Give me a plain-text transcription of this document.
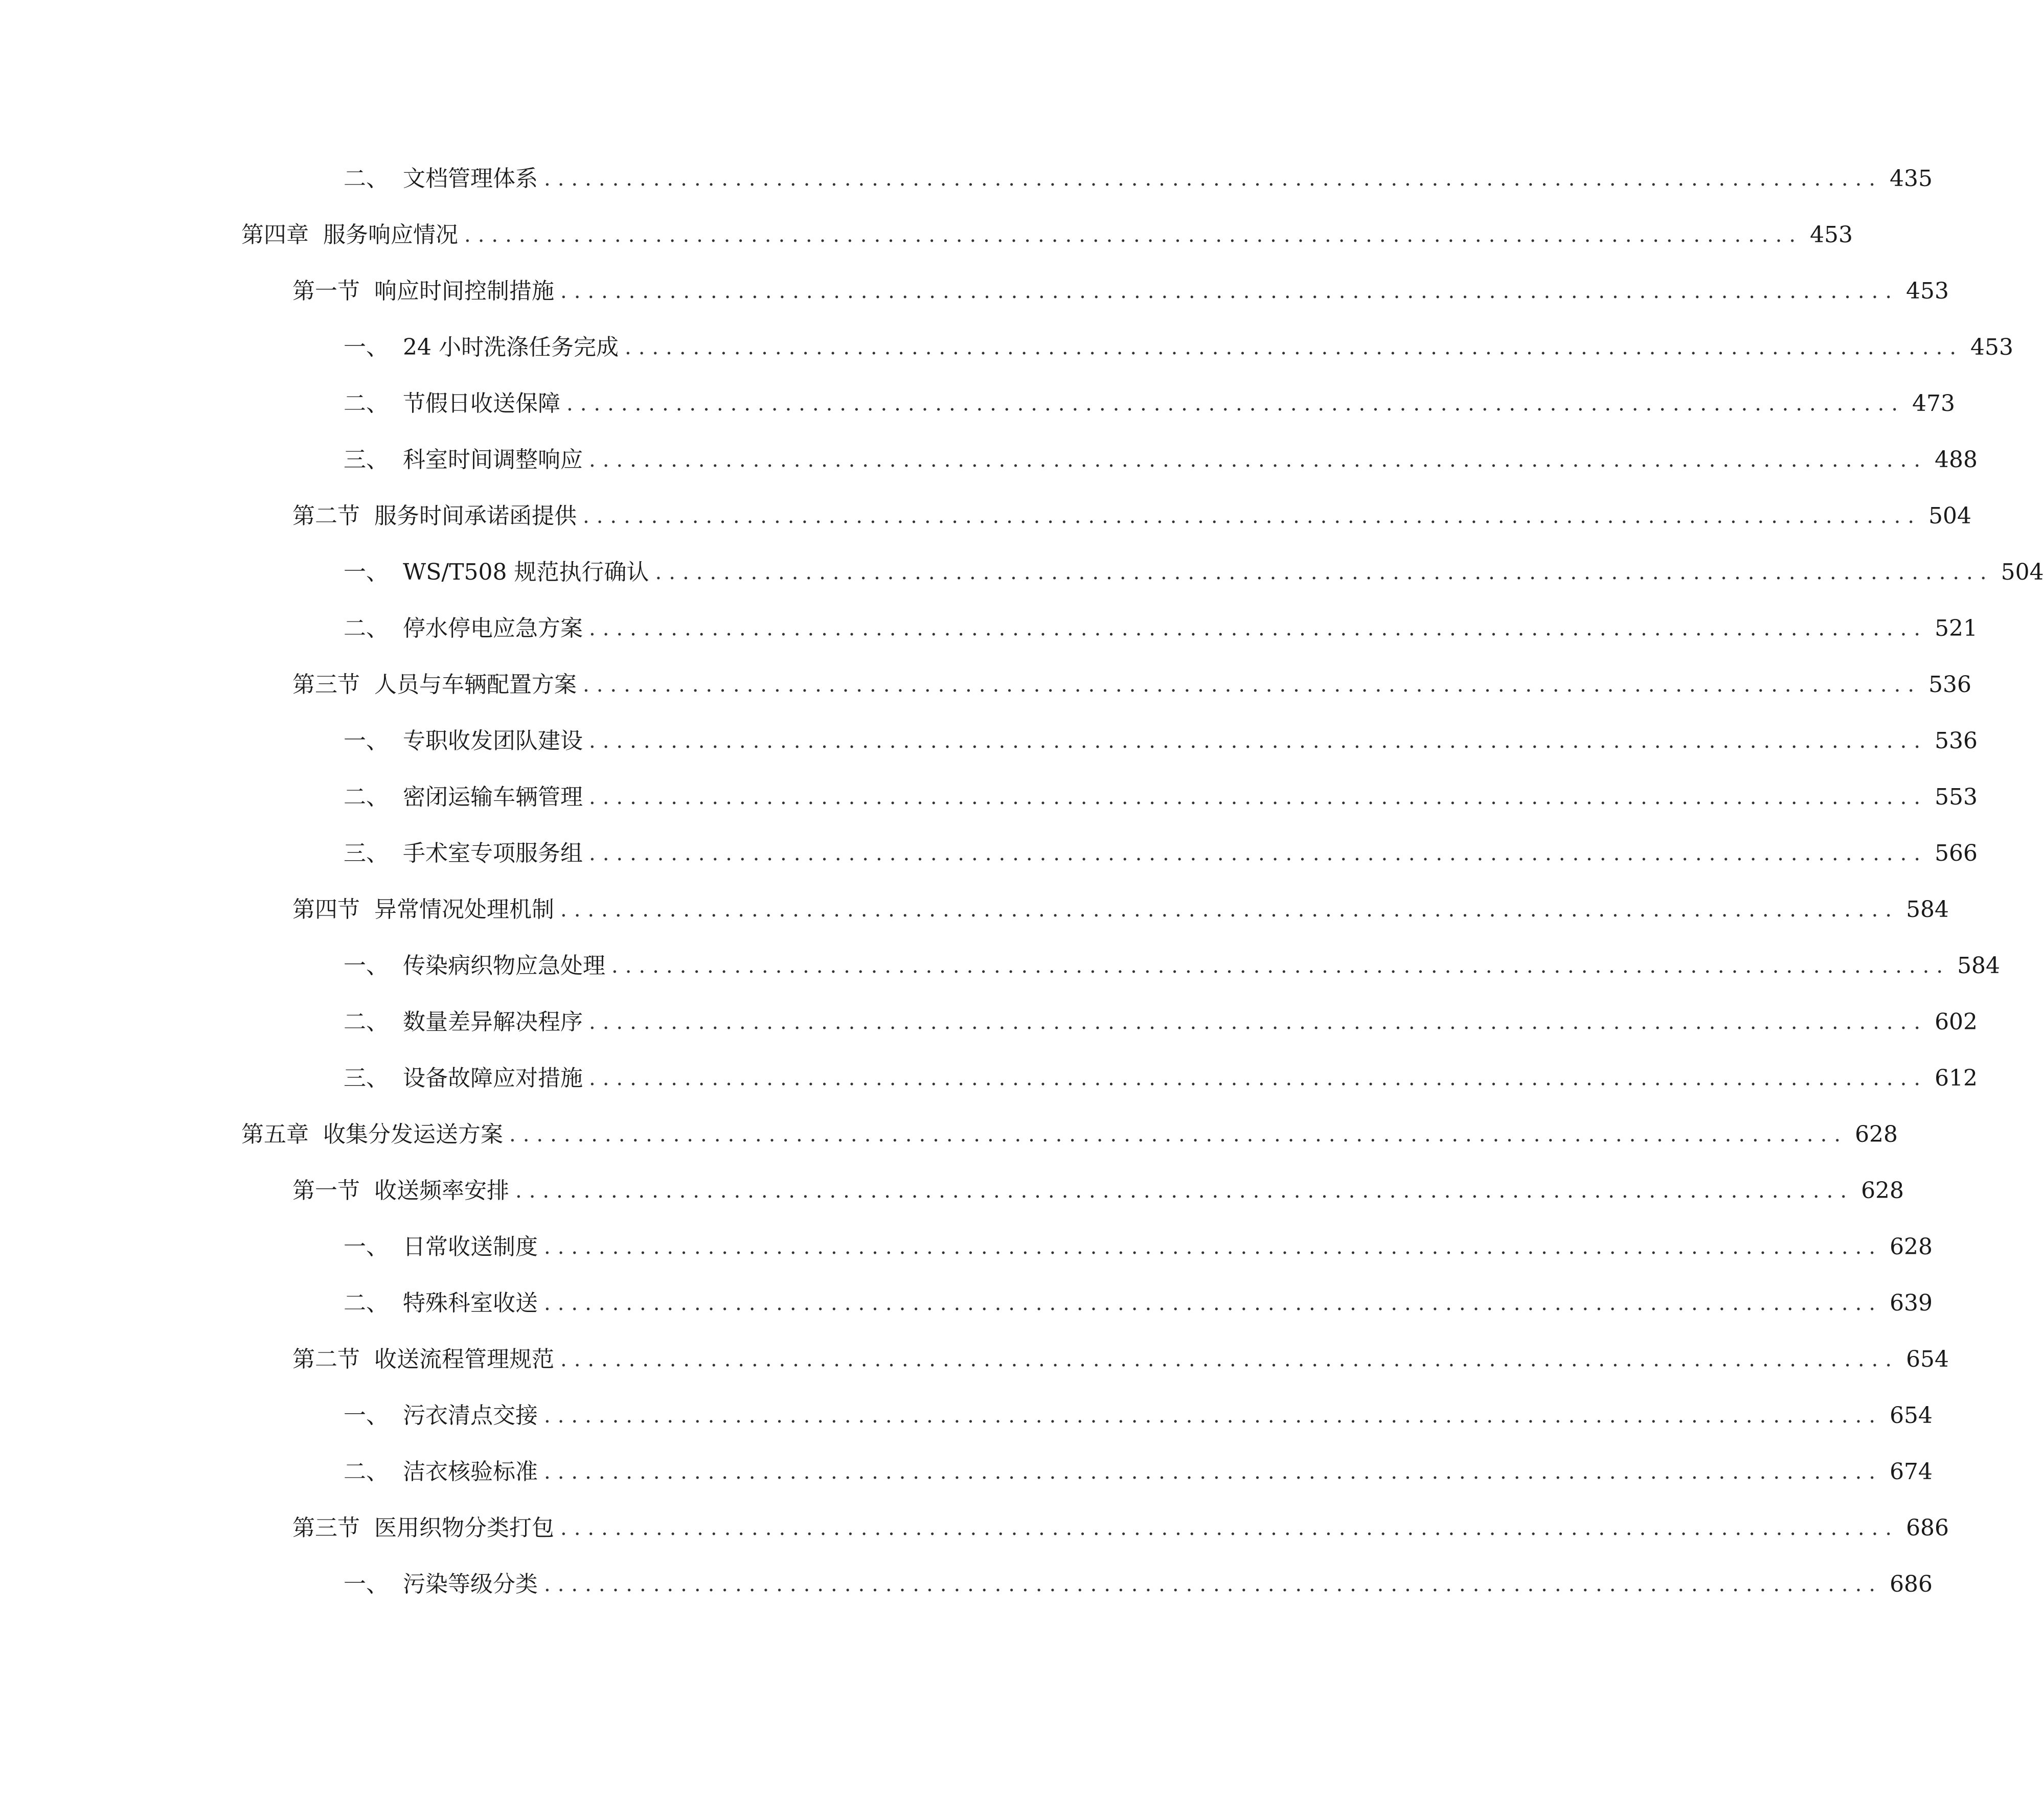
二、 文档管理体系 .................................................................................................. 435
第四章 服务响应情况 .................................................................................................. 453
第一节 响应时间控制措施 .................................................................................................. 453
一、 24 小时洗涤任务完成 .................................................................................................. 453
二、 节假日收送保障 .................................................................................................. 473
三、 科室时间调整响应 .................................................................................................. 488
第二节 服务时间承诺函提供 .................................................................................................. 504
一、 WS/T508 规范执行确认 .................................................................................................. 504
二、 停水停电应急方案 .................................................................................................. 521
第三节 人员与车辆配置方案 .................................................................................................. 536
一、 专职收发团队建设 .................................................................................................. 536
二、 密闭运输车辆管理 .................................................................................................. 553
三、 手术室专项服务组 .................................................................................................. 566
第四节 异常情况处理机制 .................................................................................................. 584
一、 传染病织物应急处理 .................................................................................................. 584
二、 数量差异解决程序 .................................................................................................. 602
三、 设备故障应对措施 .................................................................................................. 612
第五章 收集分发运送方案 .................................................................................................. 628
第一节 收送频率安排 .................................................................................................. 628
一、 日常收送制度 .................................................................................................. 628
二、 特殊科室收送 .................................................................................................. 639
第二节 收送流程管理规范 .................................................................................................. 654
一、 污衣清点交接 .................................................................................................. 654
二、 洁衣核验标准 .................................................................................................. 674
第三节 医用织物分类打包 .................................................................................................. 686
一、 污染等级分类 .................................................................................................. 686
